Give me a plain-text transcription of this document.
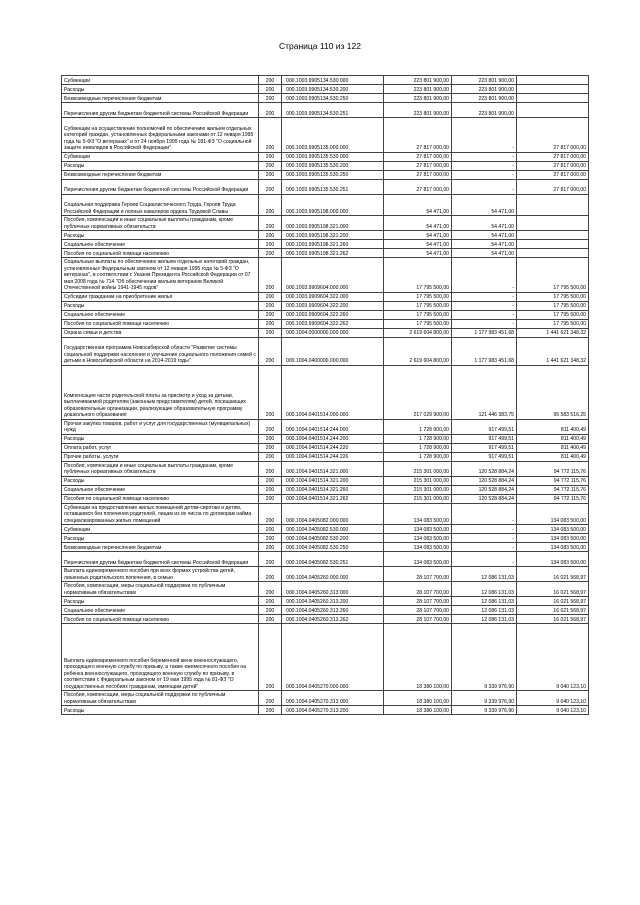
Страница 110 из 122
Субвенции	200	000.1003.9905134.530.000	223 801 900,00	223 801 900,00	
Расходы	200	000.1003.9905134.530.200	223 801 900,00	223 801 900,00	
Безвозмездные перечисления бюджетам	200	000.1003.9905134.530.250	223 801 900,00	223 801 900,00	
Перечисления другим бюджетам бюджетной системы Российской Федерации	200	000.1003.9905134.530.251	223 801 900,00	223 801 900,00	
Субвенции на осуществление полномочий по обеспечению жильем отдельных категорий граждан, установленных федеральными законами от 12 января 1995 года № 5-ФЗ "О ветеранах" и от 24 ноября 1995 года № 181-ФЗ "О социальной защите инвалидов в Российской Федерации"	200	000.1003.9905135.000.000	27 817 000,00	-	27 817 000,00
Субвенции	200	000.1003.9905135.530.000	27 817 000,00	-	27 817 000,00
Расходы	200	000.1003.9905135.530.200	27 817 000,00	-	27 817 000,00
Безвозмездные перечисления бюджетам	200	000.1003.9905135.530.250	27 817 000,00	-	27 817 000,00
Перечисления другим бюджетам бюджетной системы Российской Федерации	200	000.1003.9905135.530.251	27 817 000,00	-	27 817 000,00
Социальная поддержка Героев Социалистического Труда, Героев Труда Российской Федерации и полных кавалеров ордена Трудовой Славы	200	000.1003.9905198.000.000	54 471,00	54 471,00	
Пособия, компенсации и иные социальные выплаты гражданам, кроме публичных нормативных обязательств	200	000.1003.9905198.321.000	54 471,00	54 471,00	
Расходы	200	000.1003.9905198.321.200	54 471,00	54 471,00	
Социальное обеспечение	200	000.1003.9905198.321.260	54 471,00	54 471,00	
Пособия по социальной помощи населению	200	000.1003.9905198.321.262	54 471,00	54 471,00	
Социальные выплаты по обеспечению жильем отдельных категорий граждан, установленных Федеральным законом от 12 января 1995 года № 5-ФЗ "О ветеранах", в соответствии с Указом Президента Российской Федерации от 07 мая 2008 года № 714 "Об обеспечении жильем ветеранов Великой Отечественной войны 1941-1945 годов"	200	000.1003.9909604.000.000	17 795 500,00	-	17 795 500,00
Субсидии гражданам на приобретение жилья	200	000.1003.9909604.322.000	17 795 500,00	-	17 795 500,00
Расходы	200	000.1003.9909604.322.200	17 795 500,00	-	17 795 500,00
Социальное обеспечение	200	000.1003.9909604.322.260	17 795 500,00	-	17 795 500,00
Пособия по социальной помощи населению	200	000.1003.9909604.322.262	17 795 500,00	-	17 795 500,00
Охрана семьи и детства	200	000.1004.0000000.000.000	2 619 604 800,00	1 177 983 451,68	1 441 621 348,32
Государственная программа Новосибирской области "Развитие системы социальной поддержки населения и улучшение социального положения семей с детьми в Новосибирской области на 2014-2019 годы"	200	000.1004.0400000.000.000	2 619 604 800,00	1 177 983 451,68	1 441 621 348,32
Компенсация части родительской платы за присмотр и уход за детьми, выплачиваемой родителям (законным представителям) детей, посещающих образовательные организации, реализующие образовательную программу дошкольного образования	200	000.1004.0401514.000.000	217 029 900,00	121 446 383,75	95 583 516,25
Прочая закупка товаров, работ и услуг для государственных (муниципальных) нужд	200	000.1004.0401514.244.000	1 728 900,00	917 499,51	811 400,49
Расходы	200	000.1004.0401514.244.200	1 728 900,00	917 499,51	811 400,49
Оплата работ, услуг	200	000.1004.0401514.244.220	1 728 900,00	917 499,51	811 400,49
Прочие работы, услуги	200	000.1004.0401514.244.226	1 728 900,00	917 499,51	811 400,49
Пособия, компенсации и иные социальные выплаты гражданам, кроме публичных нормативных обязательств	200	000.1004.0401514.321.000	215 301 000,00	120 528 884,24	94 772 115,76
Расходы	200	000.1004.0401514.321.200	215 301 000,00	120 528 884,24	94 772 115,76
Социальное обеспечение	200	000.1004.0401514.321.260	215 301 000,00	120 528 884,24	94 772 115,76
Пособия по социальной помощи населению	200	000.1004.0401514.321.262	215 301 000,00	120 528 884,24	94 772 115,76
Субвенции на предоставление жилых помещений детям-сиротам и детям, оставшимся без попечения родителей, лицам из их числа по договорам найма специализированных жилых помещений	200	000.1004.0405082.000.000	134 083 500,00	-	134 083 500,00
Субвенции	200	000.1004.0405082.530.000	134 083 500,00	-	134 083 500,00
Расходы	200	000.1004.0405082.530.200	134 083 500,00	-	134 083 500,00
Безвозмездные перечисления бюджетам	200	000.1004.0405082.530.250	134 083 500,00	-	134 083 500,00
Перечисления другим бюджетам бюджетной системы Российской Федерации	200	000.1004.0405082.530.251	134 083 500,00	-	134 083 500,00
Выплата единовременного пособия при всех формах устройства детей, лишенных родительского попечения, в семью	200	000.1004.0405260.000.000	28 107 700,00	12 086 131,03	16 021 568,97
Пособия, компенсации, меры социальной поддержки по публичным нормативным обязательствам	200	000.1004.0405260.313.000	28 107 700,00	12 086 131,03	16 021 568,97
Расходы	200	000.1004.0405260.313.200	28 107 700,00	12 086 131,03	16 021 568,97
Социальное обеспечение	200	000.1004.0405260.313.260	28 107 700,00	12 086 131,03	16 021 568,97
Пособия по социальной помощи населению	200	000.1004.0405260.313.262	28 107 700,00	12 086 131,03	16 021 568,97
Выплата единовременного пособия беременной жене военнослужащего, проходящего военную службу по призыву, а также ежемесячного пособия на ребенка военнослужащего, проходящего военную службу по призыву, в соответствии с Федеральным законом от 19 мая 1995 года № 81-ФЗ "О государственных пособиях гражданам, имеющим детей"	200	000.1004.0405270.000.000	18 380 100,00	9 339 976,90	9 040 123,10
Пособия, компенсации, меры социальной поддержки по публичным нормативным обязательствам	200	000.1004.0405270.313.000	18 380 100,00	9 339 976,90	9 040 123,10
Расходы	200	000.1004.0405270.313.200	18 380 100,00	9 339 976,90	9 040 123,10
